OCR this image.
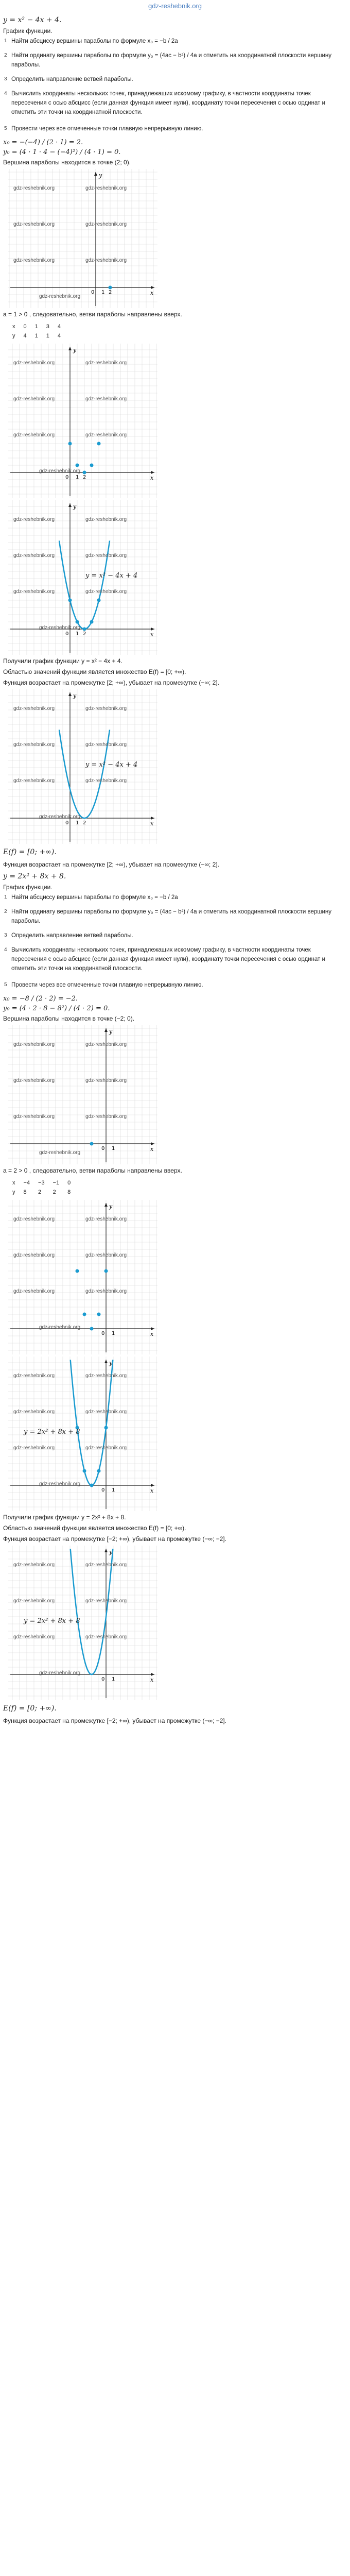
gdz-reshebnik.org
y = x² − 4x + 4.
График функции.
1 Найти абсциссу вершины параболы по формуле x₀ = −b / 2a
2 Найти ординату вершины параболы по формуле y₀ = (4ac − b²) / 4a и отметить на координатной плоскости вершину параболы.
3 Определить направление ветвей параболы.
4 Вычислить координаты нескольких точек, принадлежащих искомому графику, в частности координаты точек пересечения с осью абсцисс (если данная функция имеет нули), координату точки пересечения с осью ординат и отметить эти точки на координатной плоскости.
5 Провести через все отмеченные точки плавную непрерывную линию.
x₀ = −(−4) / (2 · 1) = 2.
y₀ = (4 · 1 · 4 − (−4)²) / (4 · 1) = 0.
Вершина параболы находится в точке (2; 0).
x
y
0 1 2
gdz-reshebnik.org	gdz-reshebnik.org
gdz-reshebnik.org	gdz-reshebnik.org
gdz-reshebnik.org	gdz-reshebnik.org
gdz-reshebnik.org
a = 1 > 0 , следовательно, ветви параболы направлены вверх.
x	0	1	3	4
y	4	1	1	4
x
y
0 1 2
gdz-reshebnik.org	gdz-reshebnik.org
gdz-reshebnik.org	gdz-reshebnik.org
gdz-reshebnik.org	gdz-reshebnik.org
gdz-reshebnik.org
x
y
0 1 2
y = x² − 4x + 4
gdz-reshebnik.org	gdz-reshebnik.org
gdz-reshebnik.org	gdz-reshebnik.org
gdz-reshebnik.org	gdz-reshebnik.org
gdz-reshebnik.org
Получили график функции y = x² − 4x + 4.
Областью значений функции является множество E(f) = [0; +∞).
Функция возрастает на промежутке [2; +∞), убывает на промежутке (−∞; 2].
x
y
0 1 2
y = x² − 4x + 4
gdz-reshebnik.org	gdz-reshebnik.org
gdz-reshebnik.org	gdz-reshebnik.org
gdz-reshebnik.org	gdz-reshebnik.org
gdz-reshebnik.org
E(f) = [0; +∞).
Функция возрастает на промежутке [2; +∞), убывает на промежутке (−∞; 2].
y = 2x² + 8x + 8.
График функции.
1 Найти абсциссу вершины параболы по формуле x₀ = −b / 2a
2 Найти ординату вершины параболы по формуле y₀ = (4ac − b²) / 4a и отметить на координатной плоскости вершину параболы.
3 Определить направление ветвей параболы.
4 Вычислить координаты нескольких точек, принадлежащих искомому графику, в частности координаты точек пересечения с осью абсцисс (если данная функция имеет нули), координату точки пересечения с осью ординат и отметить эти точки на координатной плоскости.
5 Провести через все отмеченные точки плавную непрерывную линию.
x₀ = −8 / (2 · 2) = −2.
y₀ = (4 · 2 · 8 − 8²) / (4 · 2) = 0.
Вершина параболы находится в точке (−2; 0).
x
y
0 1
gdz-reshebnik.org	gdz-reshebnik.org
gdz-reshebnik.org	gdz-reshebnik.org
gdz-reshebnik.org	gdz-reshebnik.org
gdz-reshebnik.org
a = 2 > 0 , следовательно, ветви параболы направлены вверх.
x	−4	−3	−1	0
y	8	2	2	8
x
y
0 1
gdz-reshebnik.org	gdz-reshebnik.org
gdz-reshebnik.org	gdz-reshebnik.org
gdz-reshebnik.org	gdz-reshebnik.org
gdz-reshebnik.org
x
y
0 1
y = 2x² + 8x + 8
gdz-reshebnik.org	gdz-reshebnik.org
gdz-reshebnik.org	gdz-reshebnik.org
gdz-reshebnik.org	gdz-reshebnik.org
gdz-reshebnik.org
Получили график функции y = 2x² + 8x + 8.
Областью значений функции является множество E(f) = [0; +∞).
Функция возрастает на промежутке [−2; +∞), убывает на промежутке (−∞; −2].
x
y
0 1
y = 2x² + 8x + 8
gdz-reshebnik.org	gdz-reshebnik.org
gdz-reshebnik.org	gdz-reshebnik.org
gdz-reshebnik.org	gdz-reshebnik.org
gdz-reshebnik.org
E(f) = [0; +∞).
Функция возрастает на промежутке [−2; +∞), убывает на промежутке (−∞; −2].
